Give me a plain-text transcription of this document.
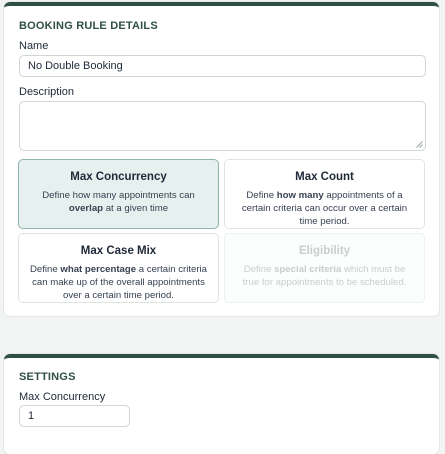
BOOKING RULE DETAILS
Name
No Double Booking
Description
Max Concurrency
Define how many appointments can overlap at a given time
Max Count
Define how many appointments of a certain criteria can occur over a certain time period.
Max Case Mix
Define what percentage a certain criteria can make up of the overall appointments over a certain time period.
Eligibility
Define special criteria which must be true for appointments to be scheduled.
SETTINGS
Max Concurrency
1
